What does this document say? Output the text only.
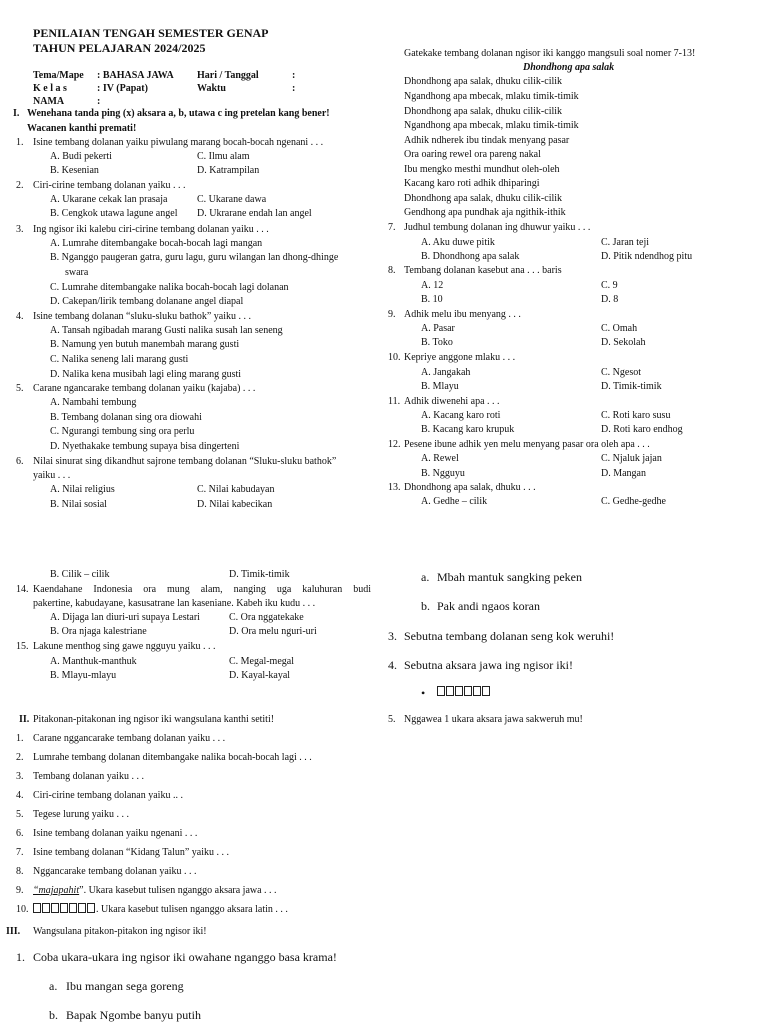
PENILAIAN TENGAH SEMESTER GENAP
TAHUN PELAJARAN 2024/2025
Tema/Mape : BAHASA JAWA
K e l a s	: IV (Papat)
NAMA	:
Hari / Tanggal	:
Waktu	:
I. Wenehana tanda ping (x) aksara a, b, utawa c ing pretelan kang bener!
Wacanen kanthi premati!
1. Isine tembang dolanan yaiku piwulang marang bocah-bocah ngenani . . .
A. Budi pekerti	C. Ilmu alam
B. Kesenian	D. Katrampilan
2. Ciri-cirine tembang dolanan yaiku . . .
A. Ukarane cekak lan prasaja	C. Ukarane dawa
B. Cengkok utawa lagune angel D. Ukrarane endah lan angel
3. Ing ngisor iki kalebu ciri-cirine tembang dolanan yaiku . . .
A. Lumrahe ditembangake bocah-bocah lagi mangan
B. Nganggo paugeran gatra, guru lagu, guru wilangan lan dhong-dhinge
swara
C. Lumrahe ditembangake nalika bocah-bocah lagi dolanan
D. Cakepan/lirik tembang dolanane angel diapal
4. Isine tembang dolanan “sluku-sluku bathok” yaiku . . .
A. Tansah ngibadah marang Gusti nalika susah lan seneng
B. Namung yen butuh manembah marang gusti
C. Nalika seneng lali marang gusti
D. Nalika kena musibah lagi eling marang gusti
5. Carane ngancarake tembang dolanan yaiku (kajaba) . . .
A. Nambahi tembung
B. Tembang dolanan sing ora diowahi
C. Ngurangi tembung sing ora perlu
D. Nyethakake tembung supaya bisa dingerteni
6. Nilai sinurat sing dikandhut sajrone tembang dolanan “Sluku-sluku bathok”
yaiku . . .
A. Nilai religius	C. Nilai kabudayan
B. Nilai sosial	D. Nilai kabecikan
Gatekake tembang dolanan ngisor iki kanggo mangsuli soal nomer 7-13!
Dhondhong apa salak
Dhondhong apa salak, dhuku cilik-cilik
Ngandhong apa mbecak, mlaku timik-timik
Dhondhong apa salak, dhuku cilik-cilik
Ngandhong apa mbecak, mlaku timik-timik
Adhik ndherek ibu tindak menyang pasar
Ora oaring rewel ora pareng nakal
Ibu mengko mesthi mundhut oleh-oleh
Kacang karo roti adhik dhiparingi
Dhondhong apa salak, dhuku cilik-cilik
Gendhong apa pundhak aja ngithik-ithik
7. Judhul tembung dolanan ing dhuwur yaiku . . .
A. Aku duwe pitik	C. Jaran teji
B. Dhondhong apa salak	D. Pitik ndendhog pitu
8. Tembang dolanan kasebut ana . . . baris
A. 12	C. 9
B. 10	D. 8
9. Adhik melu ibu menyang . . .
A. Pasar	C. Omah
B. Toko	D. Sekolah
10. Kepriye anggone mlaku . . .
A. Jangakah	C. Ngesot
B. Mlayu	D. Timik-timik
11. Adhik diwenehi apa . . .
A. Kacang karo roti	C. Roti karo susu
B. Kacang karo krupuk	D. Roti karo endhog
12. Pesene ibune adhik yen melu menyang pasar ora oleh apa . . .
A. Rewel	C. Njaluk jajan
B. Ngguyu	D. Mangan
13. Dhondhong apa salak, dhuku . . .
A. Gedhe – cilik	C. Gedhe-gedhe
B. Cilik – cilik	D. Timik-timik
14. Kaendahane Indonesia ora mung alam, nanging uga kaluhuran budi
pakertine, kabudayane, kasusatrane lan kaseniane. Kabeh iku kudu . . .
A. Dijaga lan diuri-uri supaya Lestari	C. Ora nggatekake
B. Ora njaga kalestriane	D. Ora melu nguri-uri
15. Lakune menthog sing gawe ngguyu yaiku . . .
A. Manthuk-manthuk	C. Megal-megal
B. Mlayu-mlayu	D. Kayal-kayal
II. Pitakonan-pitakonan ing ngisor iki wangsulana kanthi setiti!
1. Carane nggancarake tembang dolanan yaiku . . .
2. Lumrahe tembang dolanan ditembangake nalika bocah-bocah lagi . . .
3. Tembang dolanan yaiku . . .
4. Ciri-cirine tembang dolanan yaiku .. .
5. Tegese lurung yaiku . . .
6. Isine tembang dolanan yaiku ngenani . . .
7. Isine tembang dolanan “Kidang Talun” yaiku . . .
8. Nggancarake tembang dolanan yaiku . . .
9. “majapahit”. Ukara kasebut tulisen nganggo aksara jawa . . .
10.	. Ukara kasebut tulisen nganggo aksara latin . . .
III. Wangsulana pitakon-pitakon ing ngisor iki!
1. Coba ukara-ukara ing ngisor iki owahane nganggo basa krama!
a. Ibu mangan sega goreng
b. Bapak Ngombe banyu putih
a. Mbah mantuk sangking peken
b. Pak andi ngaos koran
3. Sebutna tembang dolanan seng kok weruhi!
4. Sebutna aksara jawa ing ngisor iki!
•
5. Nggawea 1 ukara aksara jawa sakweruh mu!
